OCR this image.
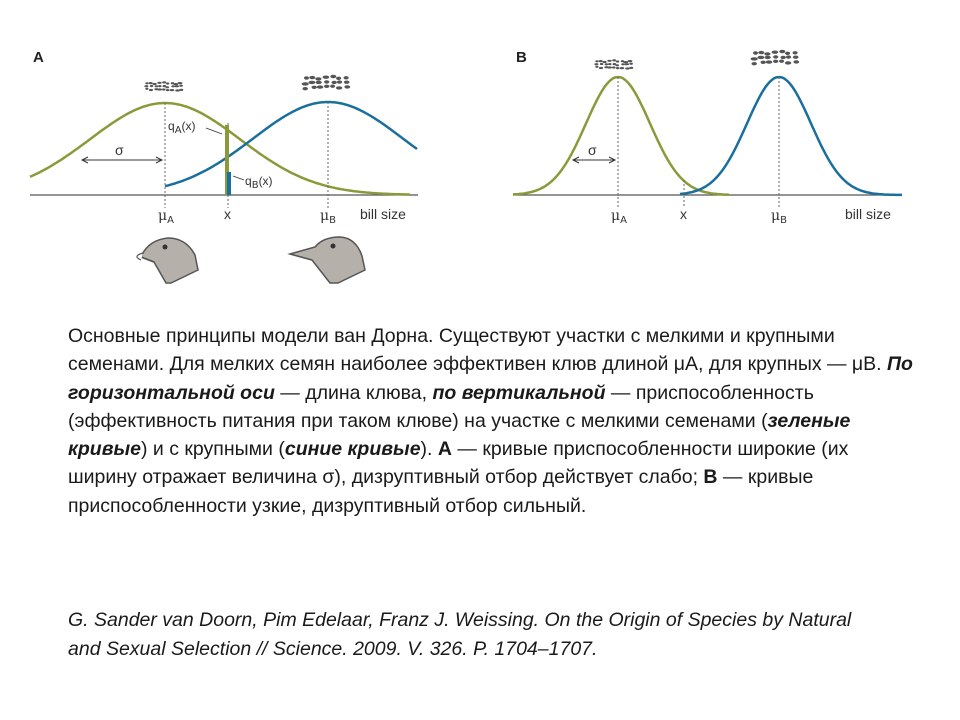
A
σ
$q_A(x)$
$q_B(x)$
$\mu_A$	x	$\mu_B$ bill size
B
σ
$\mu_A$	x	$\mu_B$	bill size
Основные принципы модели ван Дорна. Существуют участки с мелкими и крупными семенами. Для мелких семян наиболее эффективен клюв длиной μА, для крупных — μВ. По горизонтальной оси — длина клюва, по вертикальной — приспособленность (эффективность питания при таком клюве) на участке с мелкими семенами (зеленые кривые) и с крупными (синие кривые). А — кривые приспособленности широкие (их ширину отражает величина σ), дизруптивный отбор действует слабо; В — кривые приспособленности узкие, дизруптивный отбор сильный.
G. Sander van Doorn, Pim Edelaar, Franz J. Weissing. On the Origin of Species by Natural and Sexual Selection // Science. 2009. V. 326. P. 1704–1707.
